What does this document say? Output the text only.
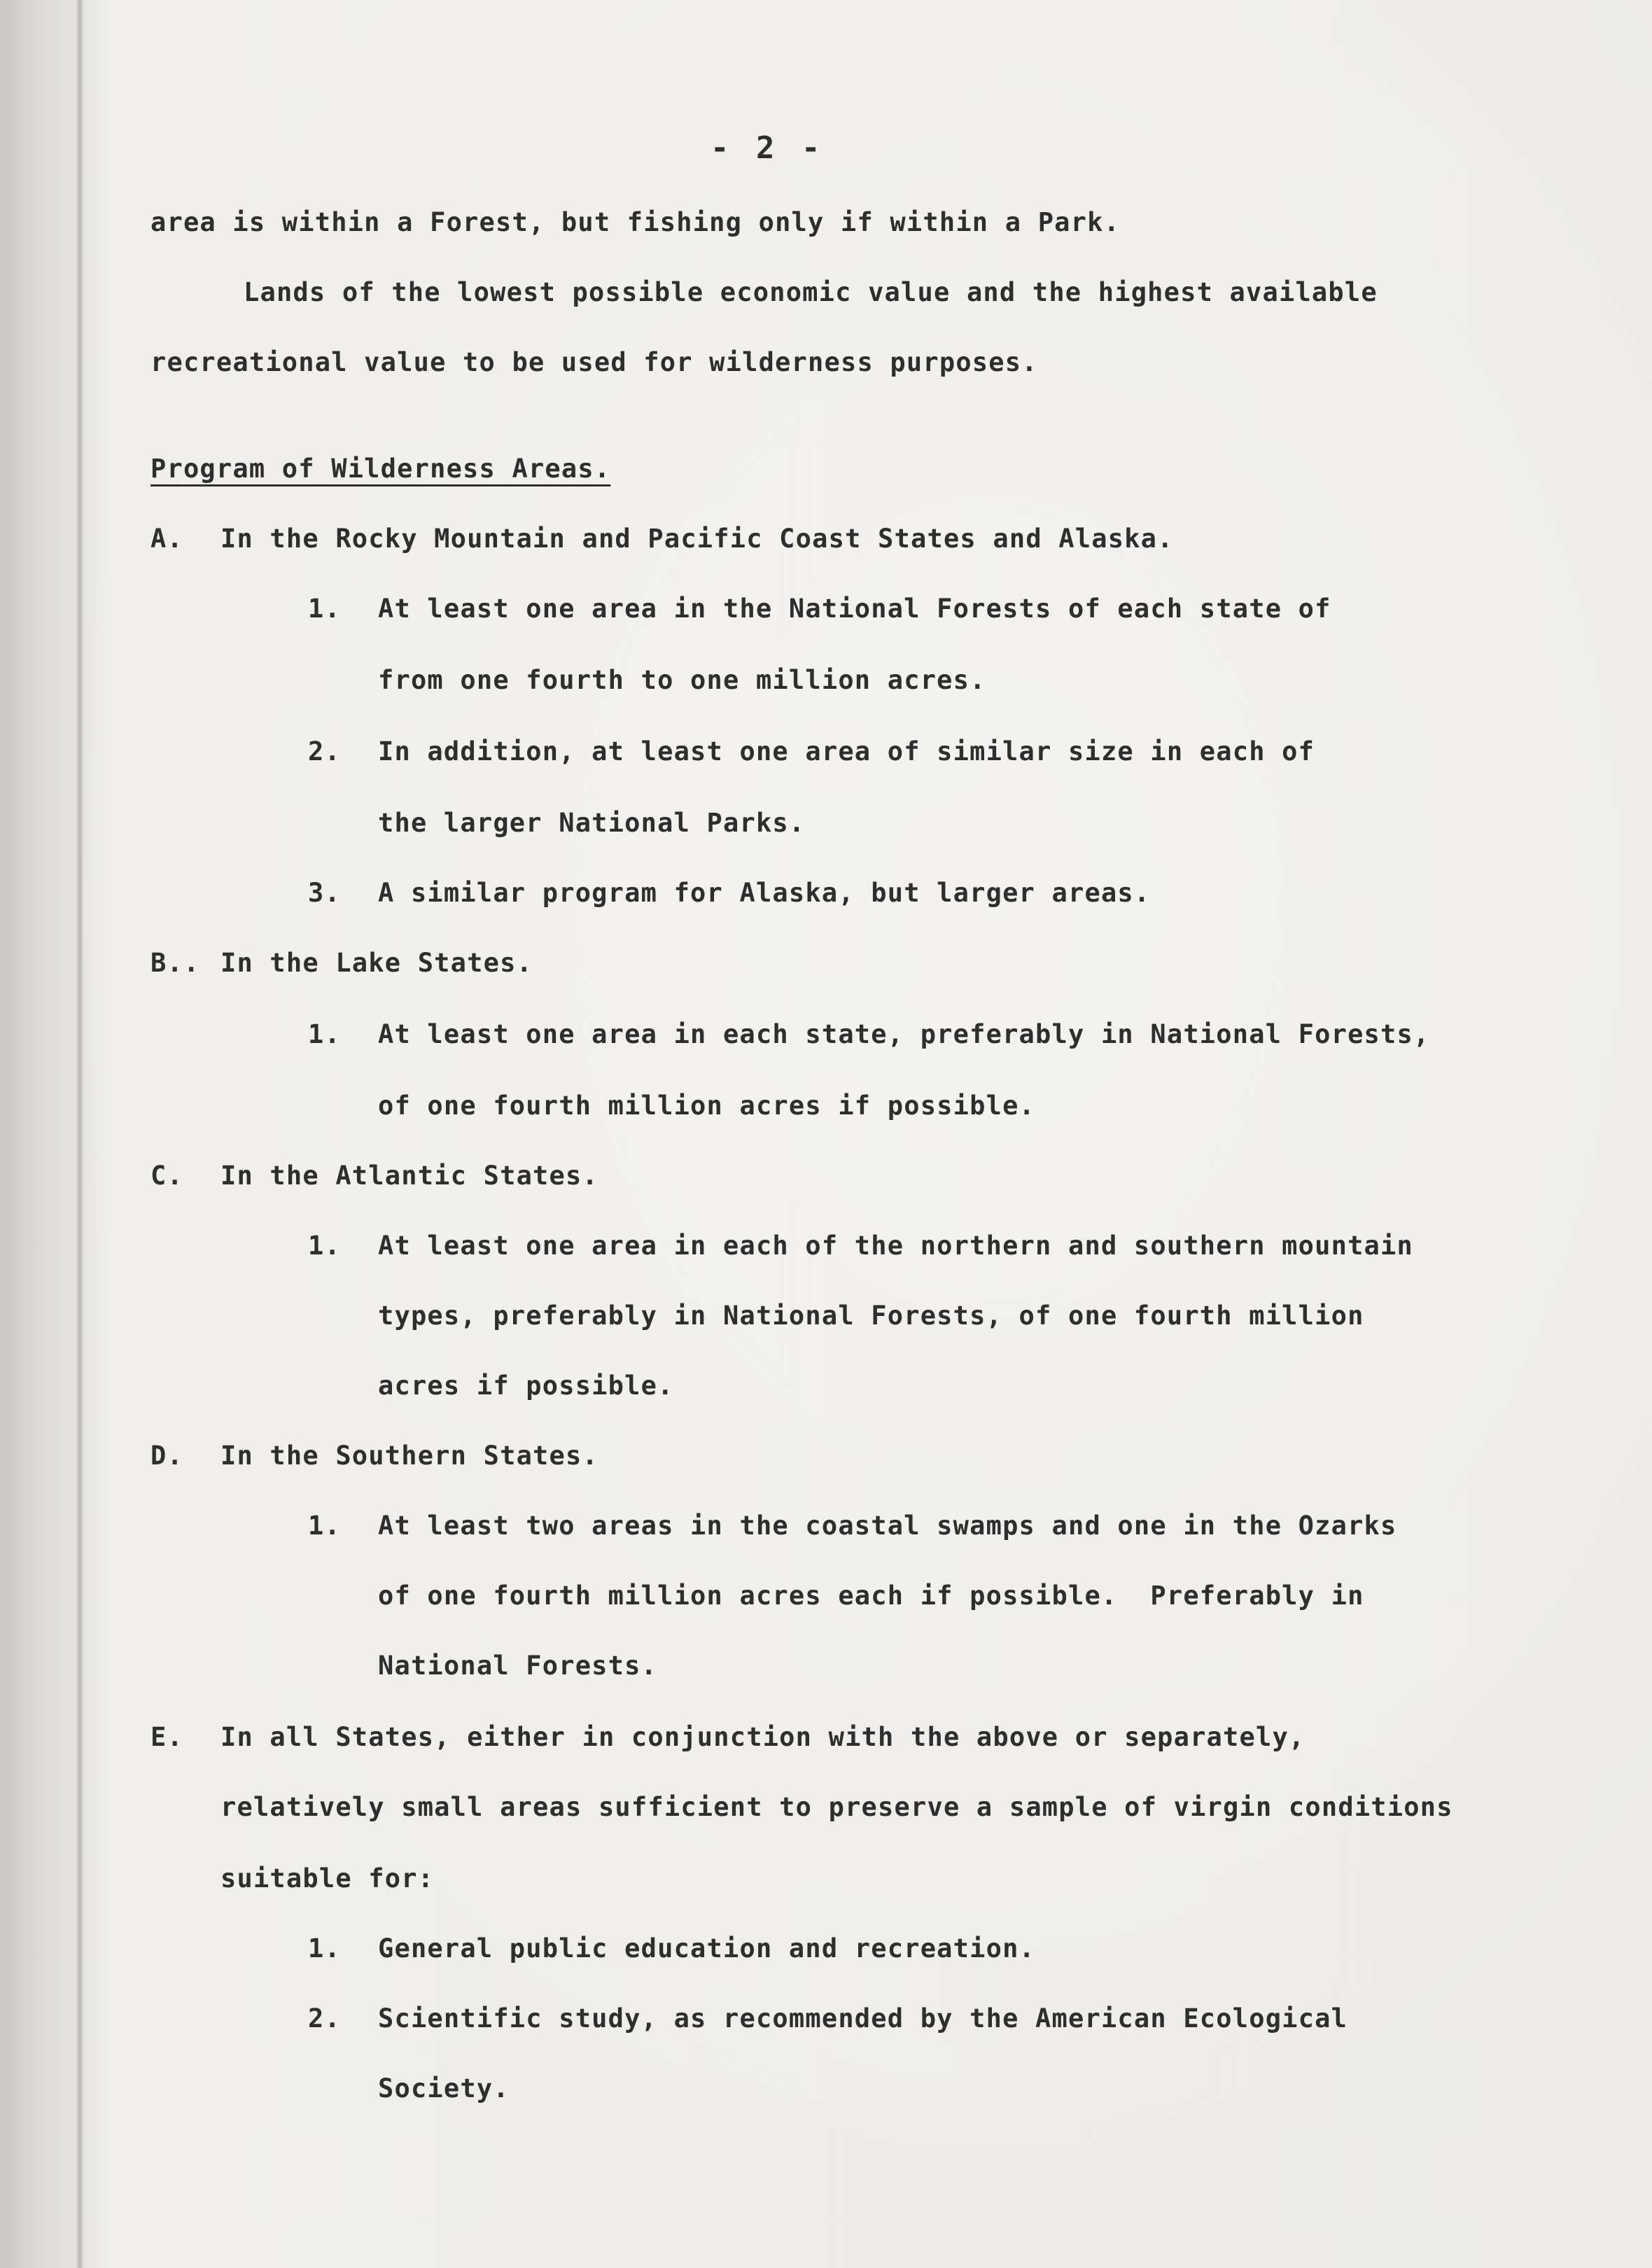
- 2 -
area is within a Forest, but fishing only if within a Park.
Lands of the lowest possible economic value and the highest available
recreational value to be used for wilderness purposes.
Program of Wilderness Areas.
A. In the Rocky Mountain and Pacific Coast States and Alaska.
1. At least one area in the National Forests of each state of
from one fourth to one million acres.
2. In addition, at least one area of similar size in each of
the larger National Parks.
3. A similar program for Alaska, but larger areas.
B.. In the Lake States.
1. At least one area in each state, preferably in National Forests,
of one fourth million acres if possible.
C. In the Atlantic States.
1. At least one area in each of the northern and southern mountain
types, preferably in National Forests, of one fourth million
acres if possible.
D. In the Southern States.
1. At least two areas in the coastal swamps and one in the Ozarks
of one fourth million acres each if possible.  Preferably in
National Forests.
E. In all States, either in conjunction with the above or separately,
relatively small areas sufficient to preserve a sample of virgin conditions
suitable for:
1. General public education and recreation.
2. Scientific study, as recommended by the American Ecological
Society.
